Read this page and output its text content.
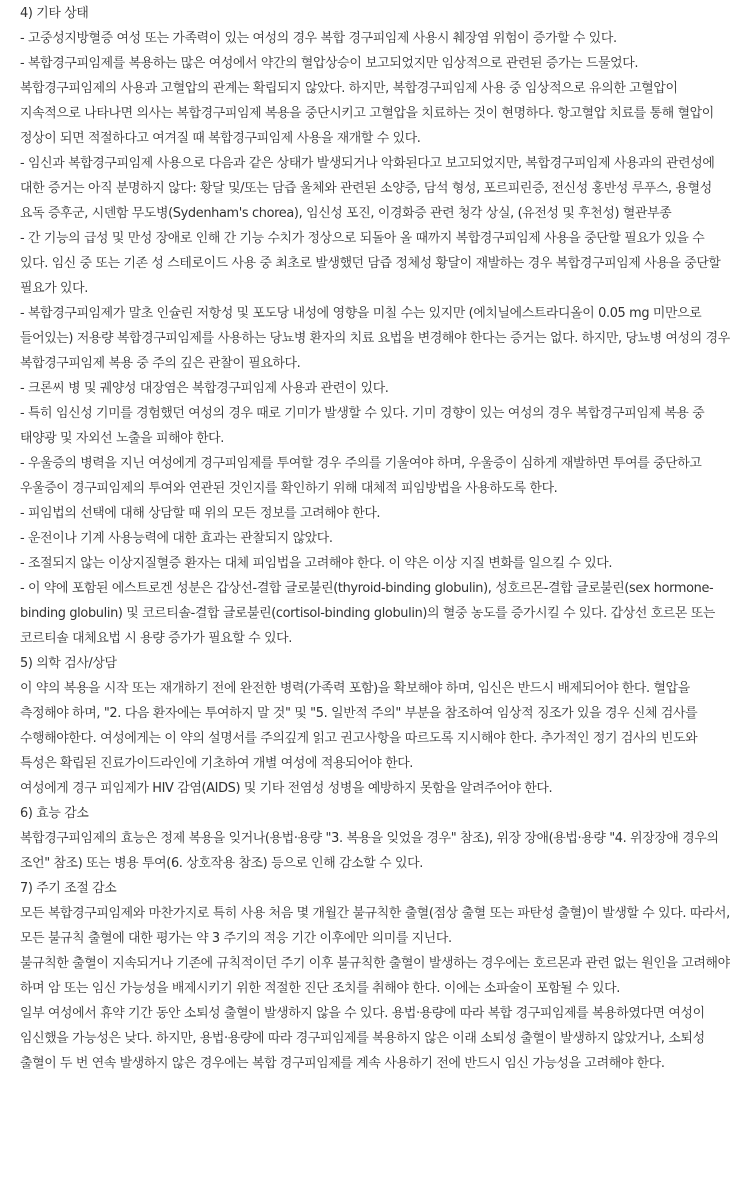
4) 기타 상태

- 고중성지방혈증 여성 또는 가족력이 있는 여성의 경우 복합 경구피임제 사용시 췌장염 위험이 증가할 수 있다.

- 복합경구피임제를 복용하는 많은 여성에서 약간의 혈압상승이 보고되었지만 임상적으로 관련된 증가는 드물었다. 복합경구피임제의 사용과 고혈압의 관계는 확립되지 않았다. 하지만, 복합경구피임제 사용 중 임상적으로 유의한 고혈압이 지속적으로 나타나면 의사는 복합경구피임제 복용을 중단시키고 고혈압을 치료하는 것이 현명하다. 항고혈압 치료를 통해 혈압이 정상이 되면 적절하다고 여겨질 때 복합경구피임제 사용을 재개할 수 있다.

- 임신과 복합경구피임제 사용으로 다음과 같은 상태가 발생되거나 악화된다고 보고되었지만, 복합경구피임제 사용과의 관련성에 대한 증거는 아직 분명하지 않다: 황달 및/또는 담즙 울체와 관련된 소양증, 담석 형성, 포르피린증, 전신성 홍반성 루푸스, 용혈성 요독 증후군, 시덴함 무도병(Sydenham's chorea), 임신성 포진, 이경화증 관련 청각 상실, (유전성 및 후천성) 혈관부종

- 간 기능의 급성 및 만성 장애로 인해 간 기능 수치가 정상으로 되돌아 올 때까지 복합경구피임제 사용을 중단할 필요가 있을 수 있다. 임신 중 또는 기존 성 스테로이드 사용 중 최초로 발생했던 담즙 정체성 황달이 재발하는 경우 복합경구피임제 사용을 중단할 필요가 있다.

- 복합경구피임제가 말초 인슐린 저항성 및 포도당 내성에 영향을 미칠 수는 있지만 (에치닐에스트라디올이 0.05 mg 미만으로 들어있는) 저용량 복합경구피임제를 사용하는 당뇨병 환자의 치료 요법을 변경해야 한다는 증거는 없다. 하지만, 당뇨병 여성의 경우 복합경구피임제 복용 중 주의 깊은 관찰이 필요하다.

- 크론씨 병 및 궤양성 대장염은 복합경구피임제 사용과 관련이 있다.

- 특히 임신성 기미를 경험했던 여성의 경우 때로 기미가 발생할 수 있다. 기미 경향이 있는 여성의 경우 복합경구피임제 복용 중 태양광 및 자외선 노출을 피해야 한다.

- 우울증의 병력을 지닌 여성에게 경구피임제를 투여할 경우 주의를 기울여야 하며, 우울증이 심하게 재발하면 투여를 중단하고 우울증이 경구피임제의 투여와 연관된 것인지를 확인하기 위해 대체적 피임방법을 사용하도록 한다.

- 피임법의 선택에 대해 상담할 때 위의 모든 정보를 고려해야 한다.

- 운전이나 기계 사용능력에 대한 효과는 관찰되지 않았다.

- 조절되지 않는 이상지질혈증 환자는 대체 피임법을 고려해야 한다. 이 약은 이상 지질 변화를 일으킬 수 있다.

- 이 약에 포함된 에스트로겐 성분은 갑상선-결합 글로불린(thyroid-binding globulin), 성호르몬-결합 글로불린(sex hormone-binding globulin) 및 코르티솔-결합 글로불린(cortisol-binding globulin)의 혈중 농도를 증가시킬 수 있다. 갑상선 호르몬 또는 코르티솔 대체요법 시 용량 증가가 필요할 수 있다.

5) 의학 검사/상담

이 약의 복용을 시작 또는 재개하기 전에 완전한 병력(가족력 포함)을 확보해야 하며, 임신은 반드시 배제되어야 한다. 혈압을 측정해야 하며, "2. 다음 환자에는 투여하지 말 것" 및 "5. 일반적 주의" 부분을 참조하여 임상적 징조가 있을 경우 신체 검사를 수행해야한다. 여성에게는 이 약의 설명서를 주의깊게 읽고 권고사항을 따르도록 지시해야 한다. 추가적인 정기 검사의 빈도와 특성은 확립된 진료가이드라인에 기초하여 개별 여성에 적용되어야 한다.

여성에게 경구 피임제가 HIV 감염(AIDS) 및 기타 전염성 성병을 예방하지 못함을 알려주어야 한다.

6) 효능 감소

복합경구피임제의 효능은 정제 복용을 잊거나(용법·용량 "3. 복용을 잊었을 경우" 참조), 위장 장애(용법·용량 "4. 위장장애 경우의 조언" 참조) 또는 병용 투여(6. 상호작용 참조) 등으로 인해 감소할 수 있다.

7) 주기 조절 감소

모든 복합경구피임제와 마찬가지로 특히 사용 처음 몇 개월간 불규칙한 출혈(점상 출혈 또는 파탄성 출혈)이 발생할 수 있다. 따라서, 모든 불규칙 출혈에 대한 평가는 약 3 주기의 적응 기간 이후에만 의미를 지닌다.

불규칙한 출혈이 지속되거나 기존에 규칙적이던 주기 이후 불규칙한 출혈이 발생하는 경우에는 호르몬과 관련 없는 원인을 고려해야 하며 암 또는 임신 가능성을 배제시키기 위한 적절한 진단 조치를 취해야 한다. 이에는 소파술이 포함될 수 있다.

일부 여성에서 휴약 기간 동안 소퇴성 출혈이 발생하지 않을 수 있다. 용법·용량에 따라 복합 경구피임제를 복용하였다면 여성이 임신했을 가능성은 낮다. 하지만, 용법·용량에 따라 경구피임제를 복용하지 않은 이래 소퇴성 출혈이 발생하지 않았거나, 소퇴성 출혈이 두 번 연속 발생하지 않은 경우에는 복합 경구피임제를 계속 사용하기 전에 반드시 임신 가능성을 고려해야 한다.
